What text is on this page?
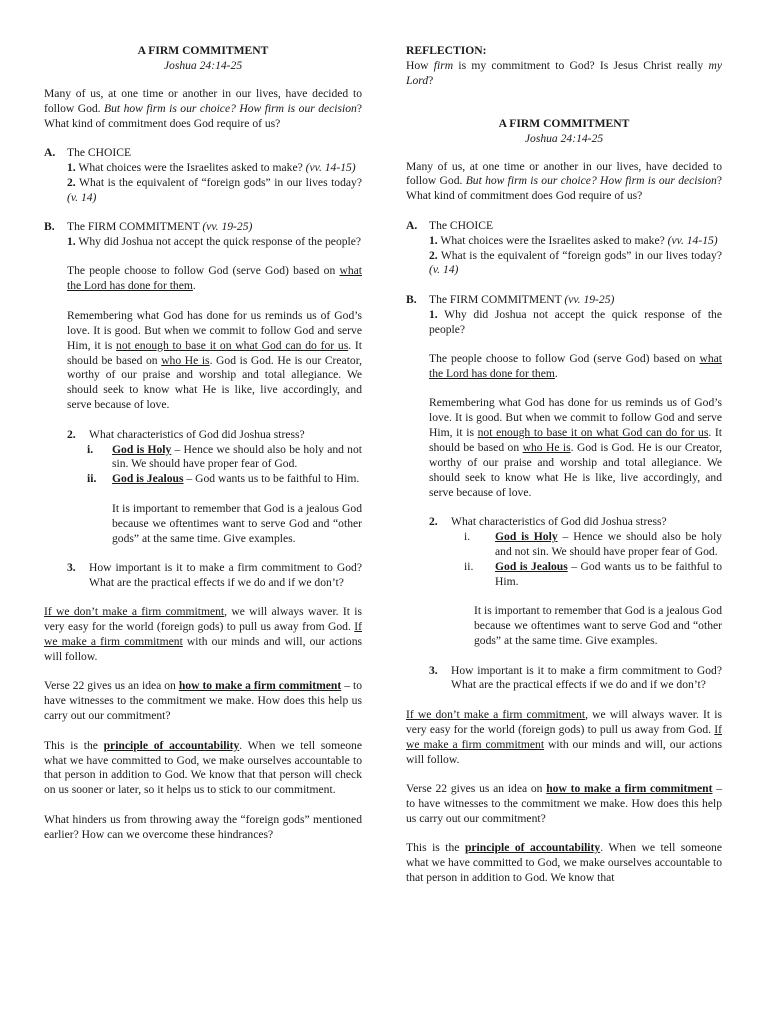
A FIRM COMMITMENT
Joshua 24:14-25

Many of us, at one time or another in our lives, have decided to follow God. But how firm is our choice? How firm is our decision? What kind of commitment does God require of us?

A.	The CHOICE
1. What choices were the Israelites asked to make? (vv. 14-15)
2. What is the equivalent of “foreign gods” in our lives today? (v. 14)
B.	The FIRM COMMITMENT (vv. 19-25)
1. Why did Joshua not accept the quick response of the people?

The people choose to follow God (serve God) based on what the Lord has done for them.

Remembering what God has done for us reminds us of God’s love. It is good. But when we commit to follow God and serve Him, it is not enough to base it on what God can do for us. It should be based on who He is. God is God. He is our Creator, worthy of our praise and worship and total allegiance. We should seek to know what He is like, live accordingly, and serve because of love.

2.	What characteristics of God did Joshua stress?
i.	God is Holy – Hence we should also be holy and not sin. We should have proper fear of God.
ii.	God is Jealous – God wants us to be faithful to Him.

It is important to remember that God is a jealous God because we oftentimes want to serve God and “other gods” at the same time. Give examples.

3.	How important is it to make a firm commitment to God? What are the practical effects if we do and if we don’t?

If we don’t make a firm commitment, we will always waver. It is very easy for the world (foreign gods) to pull us away from God. If we make a firm commitment with our minds and will, our actions will follow.

Verse 22 gives us an idea on how to make a firm commitment – to have witnesses to the commitment we make. How does this help us carry out our commitment?

This is the principle of accountability. When we tell someone what we have committed to God, we make ourselves accountable to that person in addition to God. We know that that person will check on us sooner or later, so it helps us to stick to our commitment.

What hinders us from throwing away the “foreign gods” mentioned earlier? How can we overcome these hindrances?

REFLECTION:

How firm is my commitment to God? Is Jesus Christ really my Lord?

A FIRM COMMITMENT
Joshua 24:14-25

Many of us, at one time or another in our lives, have decided to follow God. But how firm is our choice? How firm is our decision? What kind of commitment does God require of us?

A.	The CHOICE
1. What choices were the Israelites asked to make? (vv. 14-15)
2. What is the equivalent of “foreign gods” in our lives today? (v. 14)
B.	The FIRM COMMITMENT (vv. 19-25)
1. Why did Joshua not accept the quick response of the people?

The people choose to follow God (serve God) based on what the Lord has done for them.

Remembering what God has done for us reminds us of God’s love. It is good. But when we commit to follow God and serve Him, it is not enough to base it on what God can do for us. It should be based on who He is. God is God. He is our Creator, worthy of our praise and worship and total allegiance. We should seek to know what He is like, live accordingly, and serve because of love.

2.	What characteristics of God did Joshua stress?
i.	God is Holy – Hence we should also be holy and not sin. We should have proper fear of God.
ii.	God is Jealous – God wants us to be faithful to Him.

It is important to remember that God is a jealous God because we oftentimes want to serve God and “other gods” at the same time. Give examples.

3.	How important is it to make a firm commitment to God? What are the practical effects if we do and if we don’t?

If we don’t make a firm commitment, we will always waver. It is very easy for the world (foreign gods) to pull us away from God. If we make a firm commitment with our minds and will, our actions will follow.

Verse 22 gives us an idea on how to make a firm commitment – to have witnesses to the commitment we make. How does this help us carry out our commitment?

This is the principle of accountability. When we tell someone what we have committed to God, we make ourselves accountable to that person in addition to God. We know that
